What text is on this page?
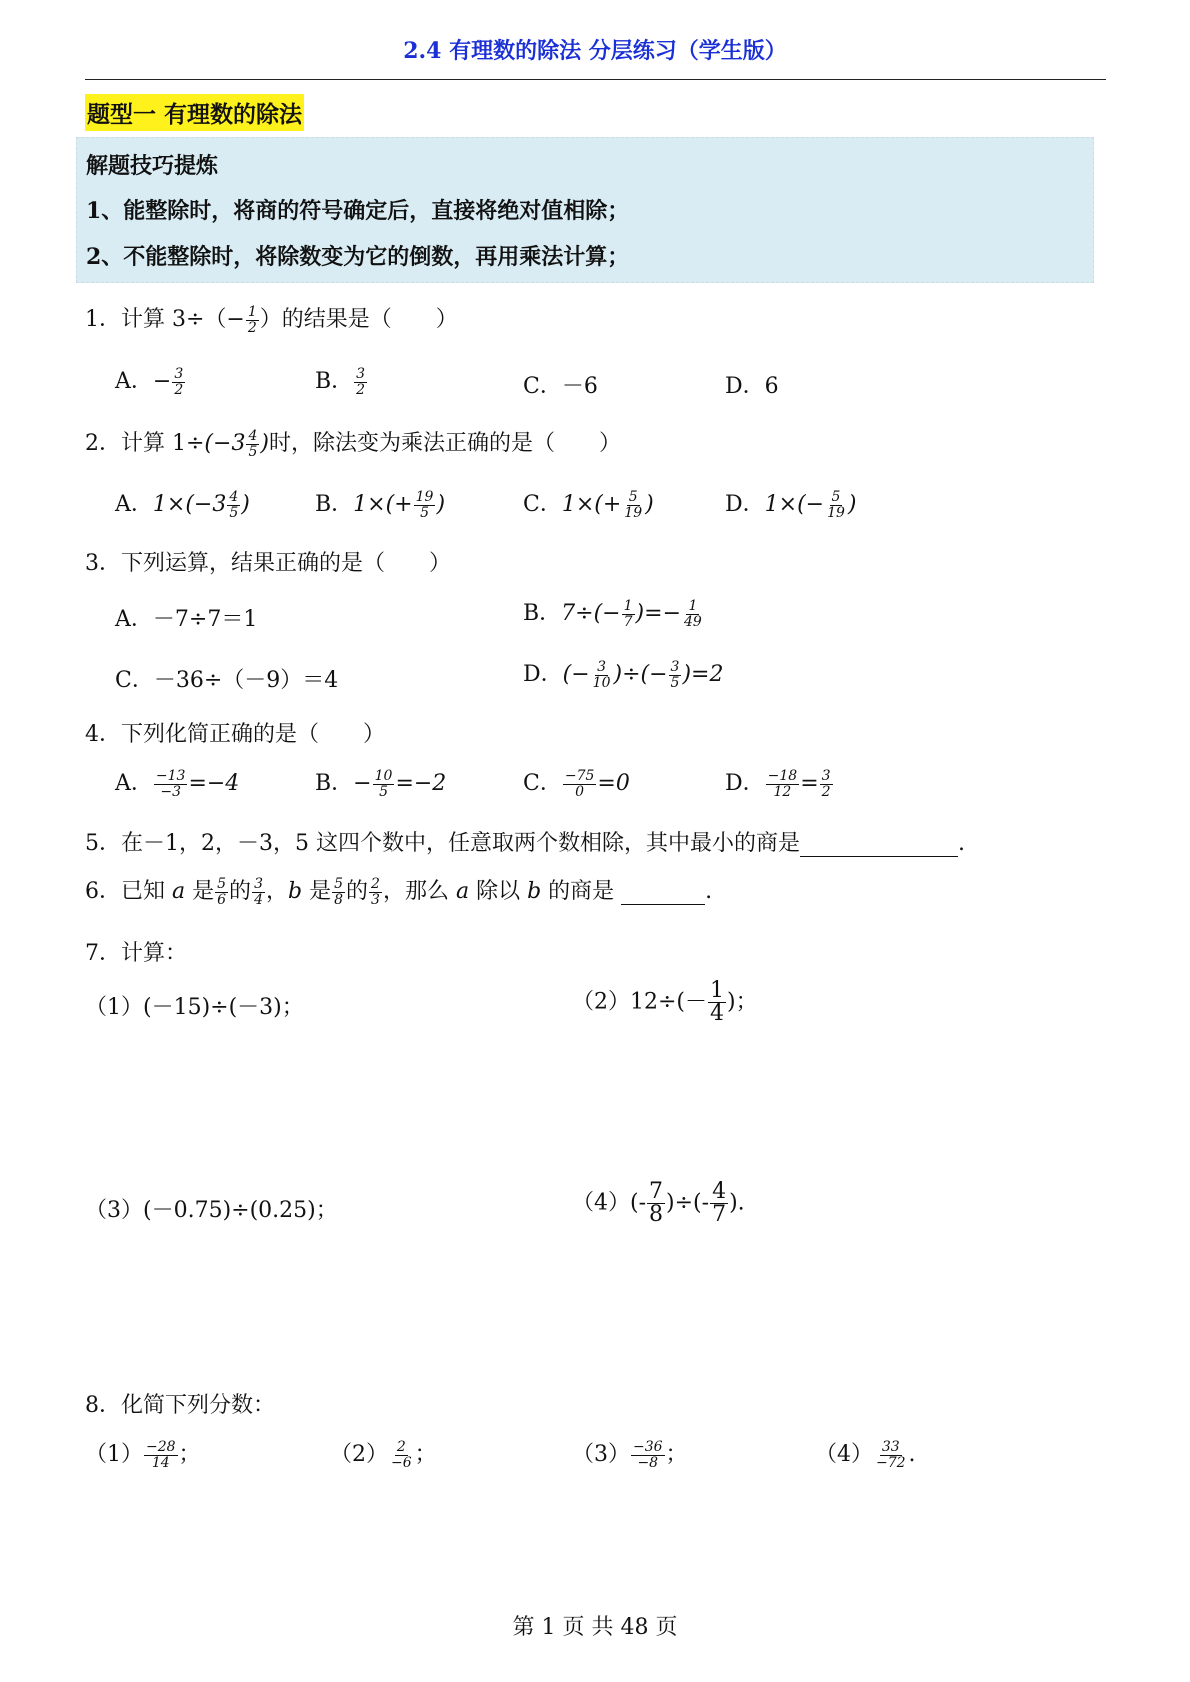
2.4 有理数的除法 分层练习（学生版）
题型一 有理数的除法
解题技巧提炼
1、能整除时，将商的符号确定后，直接将绝对值相除；
2、不能整除时，将除数变为它的倒数，再用乘法计算；
1．计算 $3\div(- \frac{1}{2}$ ）的结果是（　　）
A．− $\frac{3}{2}$	B． $\frac{3}{2}$	C．－6	D．6
2．计算 $1\div(-3 \frac{4}{5}$ )时，除法变为乘法正确的是（　　）
A．$1\times(-3 \frac{4}{5}$ )	B．$1\times(+ \frac{19}{5}$ )	C．$1\times(+ \frac{5}{19}$ )	D．$1\times(- \frac{5}{19}$ )
3．下列运算，结果正确的是（　　）
A．－7÷7＝1	B．$7\div(- \frac{1}{7}$ )=− $\frac{1}{49}$
C．－36÷（－9）＝4	D．(− $\frac{3}{10}$ )÷(− $\frac{3}{5} )=2$
4．下列化简正确的是（　　）
A． $\frac{-13}{-3} =-4$	B．− $\frac{10}{5} =-2$	C． $\frac{-75}{0} =0$	D． $\frac{-18}{12} = \frac{3}{2}$
5．在－1，2，－3，5 这四个数中，任意取两个数相除，其中最小的商是	.
6．已知 a 是 $\frac{5}{6}$ 的 $\frac{3}{4}$ ，b 是 $\frac{5}{8}$ 的 $\frac{2}{3}$ ，那么 a 除以 b 的商是	.
7．计算：
（1）(－15)÷(－3)；	$(2)12\div(- \frac{1}{4}$ )；
（3）(－0.75)÷(0.25)；	$(4)(- \frac{7}{8}$ )÷(- $\frac{4}{7}$ ).
8．化简下列分数：
$(1) \frac{-28}{14}$ ；	$(2) \frac{2}{-6}$ ；	$(3) \frac{-36}{-8}$ ；	$(4) \frac{33}{-72}$ .
第 1 页 共 48 页
